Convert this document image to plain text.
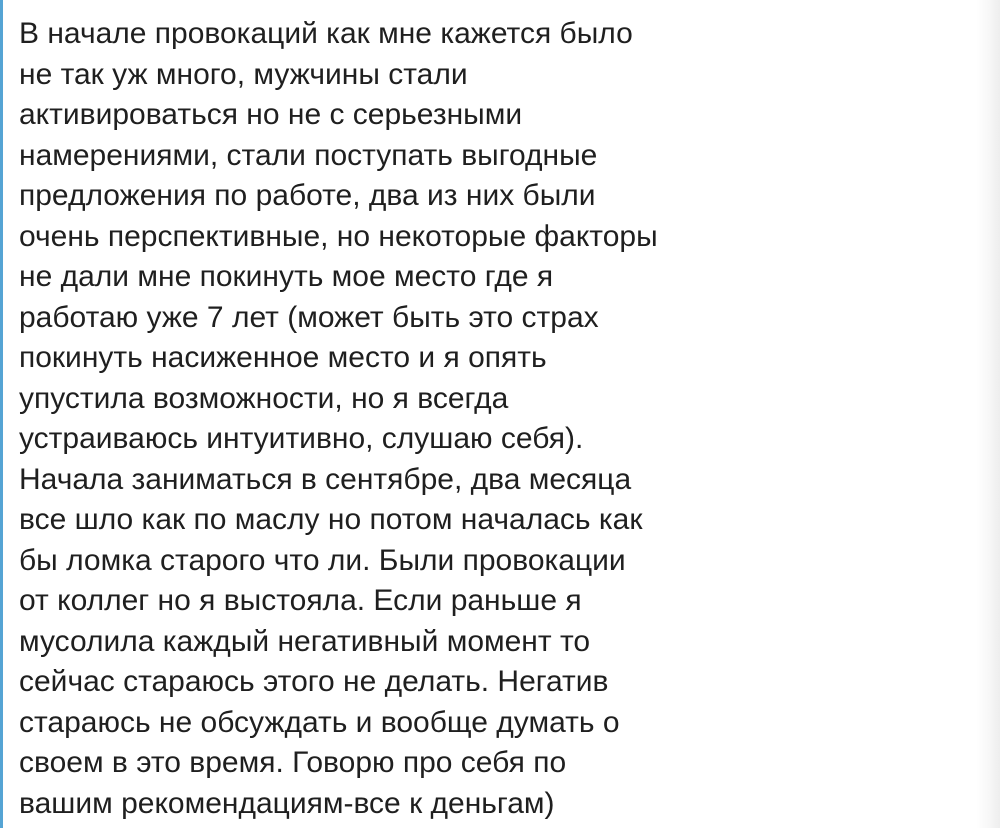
В начале провокаций как мне кажется было
не так уж много, мужчины стали
активироваться но не с серьезными
намерениями, стали поступать выгодные
предложения по работе, два из них были
очень перспективные, но некоторые факторы
не дали мне покинуть мое место где я
работаю уже 7 лет (может быть это страх
покинуть насиженное место и я опять
упустила возможности, но я всегда
устраиваюсь интуитивно, слушаю себя).
Начала заниматься в сентябре, два месяца
все шло как по маслу но потом началась как
бы ломка старого что ли. Были провокации
от коллег но я выстояла. Если раньше я
мусолила каждый негативный момент то
сейчас стараюсь этого не делать. Негатив
стараюсь не обсуждать и вообще думать о
своем в это время. Говорю про себя по
вашим рекомендациям-все к деньгам)
